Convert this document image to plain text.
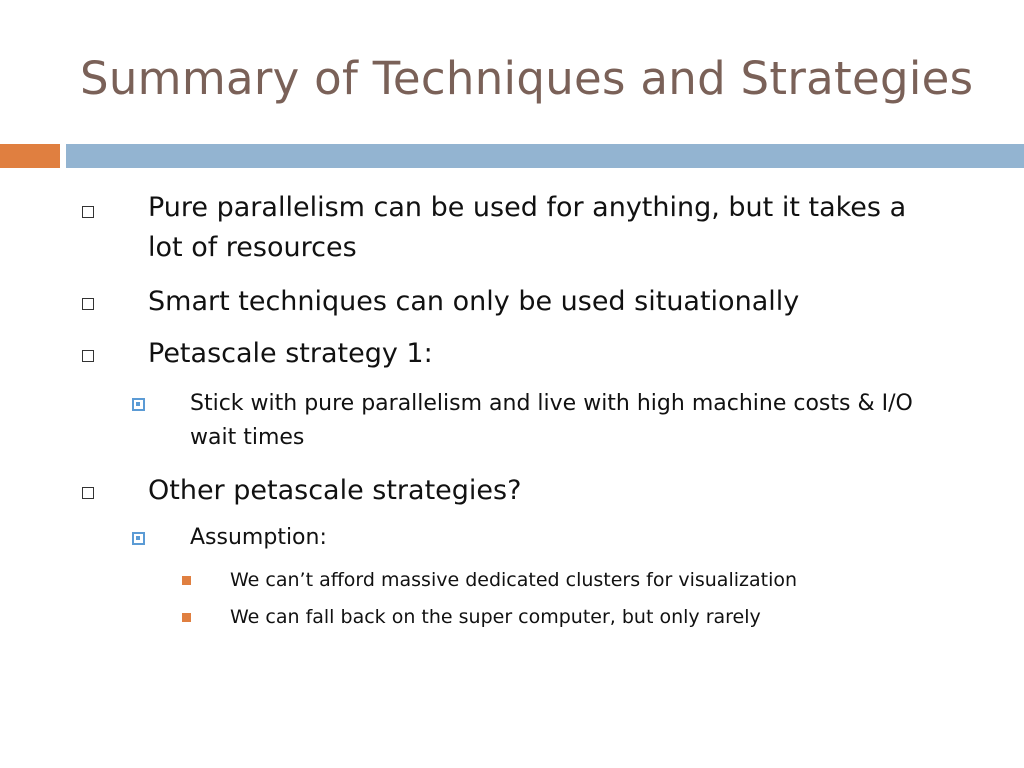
Summary of Techniques and Strategies
Pure parallelism can be used for anything, but it takes a lot of resources
Smart techniques can only be used situationally
Petascale strategy 1:
Stick with pure parallelism and live with high machine costs & I/O wait times
Other petascale strategies?
Assumption:
We can’t afford massive dedicated clusters for visualization
We can fall back on the super computer, but only rarely
